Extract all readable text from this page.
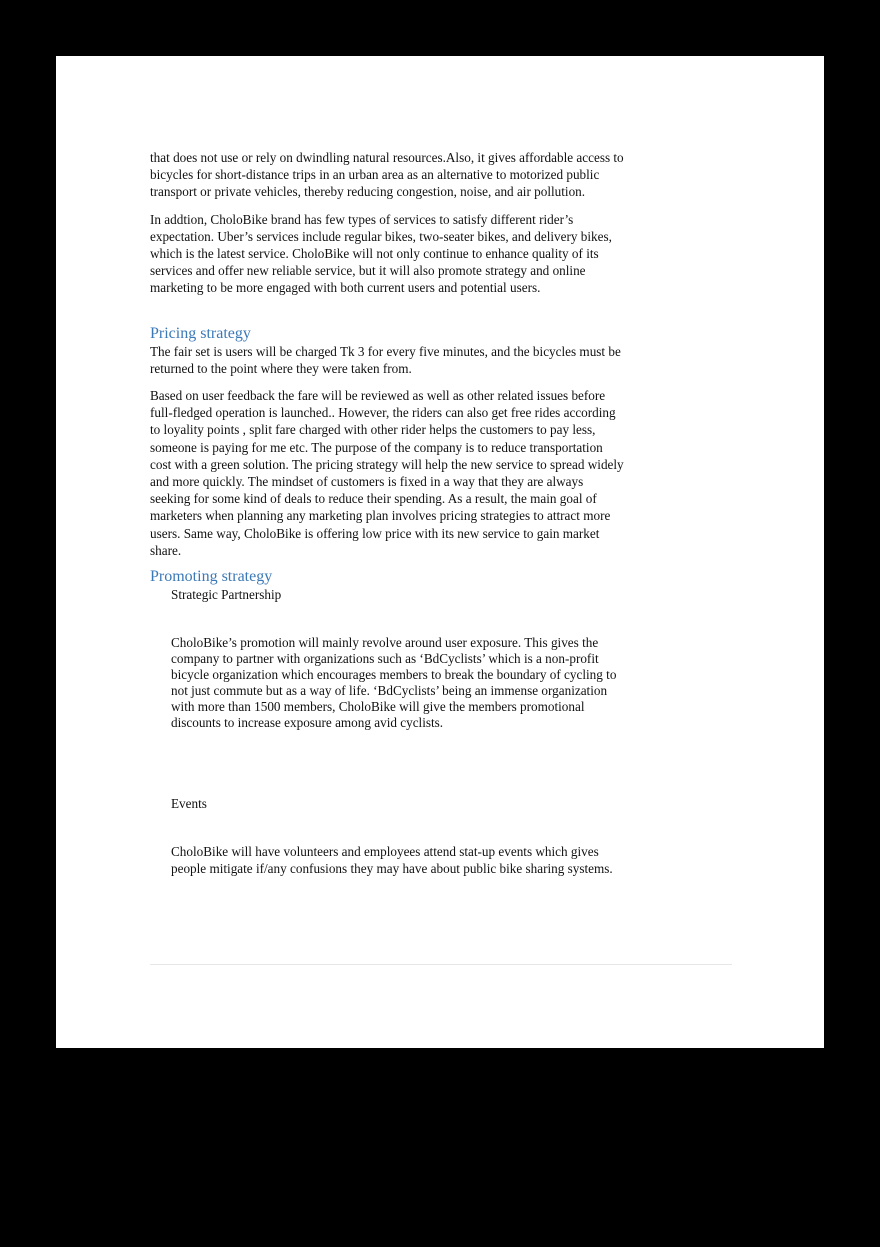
that does not use or rely on dwindling natural resources.Also, it gives affordable access to bicycles for short-distance trips in an urban area as an alternative to motorized public transport or private vehicles, thereby reducing congestion, noise, and air pollution.

In addtion, CholoBike brand has few types of services to satisfy different rider’s expectation. Uber’s services include regular bikes, two-seater bikes, and delivery bikes, which is the latest service. CholoBike will not only continue to enhance quality of its services and offer new reliable service, but it will also promote strategy and online marketing to be more engaged with both current users and potential users.

Pricing strategy

The fair set is users will be charged Tk 3 for every five minutes, and the bicycles must be returned to the point where they were taken from.

Based on user feedback the fare will be reviewed as well as other related issues before full-fledged operation is launched.. However, the riders can also get free rides according to loyality points , split fare charged with other rider helps the customers to pay less, someone is paying for me etc. The purpose of the company is to reduce transportation cost with a green solution. The pricing strategy will help the new service to spread widely and more quickly. The mindset of customers is fixed in a way that they are always seeking for some kind of deals to reduce their spending. As a result, the main goal of marketers when planning any marketing plan involves pricing strategies to attract more users. Same way, CholoBike is offering low price with its new service to gain market share.

Promoting strategy

Strategic Partnership

CholoBike’s promotion will mainly revolve around user exposure. This gives the company to partner with organizations such as ‘BdCyclists’ which is a non-profit bicycle organization which encourages members to break the boundary of cycling to not just commute but as a way of life. ‘BdCyclists’ being an immense organization with more than 1500 members, CholoBike will give the members promotional discounts to increase exposure among avid cyclists.

Events

CholoBike will have volunteers and employees attend stat-up events which gives people mitigate if/any confusions they may have about public bike sharing systems.
